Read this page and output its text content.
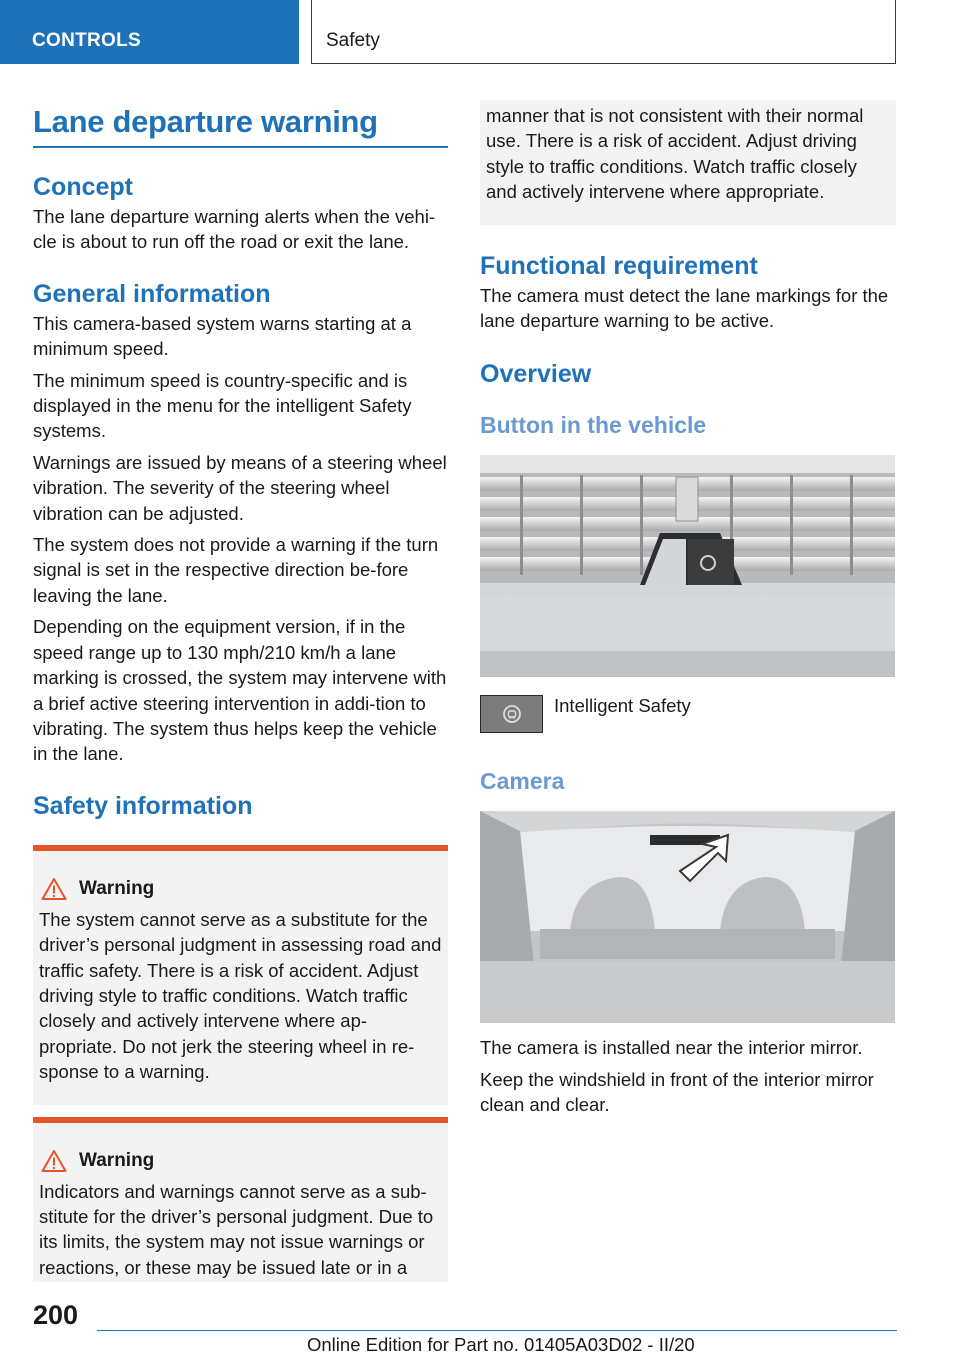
CONTROLS	Safety
Lane departure warning
Concept

The lane departure warning alerts when the vehi-cle is about to run off the road or exit the lane.

General information

This camera-based system warns starting at a minimum speed.

The minimum speed is country-specific and is displayed in the menu for the intelligent Safety systems.

Warnings are issued by means of a steering wheel vibration. The severity of the steering wheel vibration can be adjusted.

The system does not provide a warning if the turn signal is set in the respective direction be-fore leaving the lane.

Depending on the equipment version, if in the speed range up to 130 mph/210 km/h a lane marking is crossed, the system may intervene with a brief active steering intervention in addi-tion to vibrating. The system thus helps keep the vehicle in the lane.

Safety information
Warning

The system cannot serve as a substitute for the driver’s personal judgment in assessing road and traffic safety. There is a risk of accident. Adjust driving style to traffic conditions. Watch traffic closely and actively intervene where ap-propriate. Do not jerk the steering wheel in re-sponse to a warning.

Warning

Indicators and warnings cannot serve as a sub-stitute for the driver’s personal judgment. Due to its limits, the system may not issue warnings or reactions, or these may be issued late or in a

manner that is not consistent with their normal use. There is a risk of accident. Adjust driving style to traffic conditions. Watch traffic closely and actively intervene where appropriate.

Functional requirement

The camera must detect the lane markings for the lane departure warning to be active.

Overview
Button in the vehicle

Intelligent Safety

Camera

The camera is installed near the interior mirror.

Keep the windshield in front of the interior mirror clean and clear.

200
Online Edition for Part no. 01405A03D02 - II/20
